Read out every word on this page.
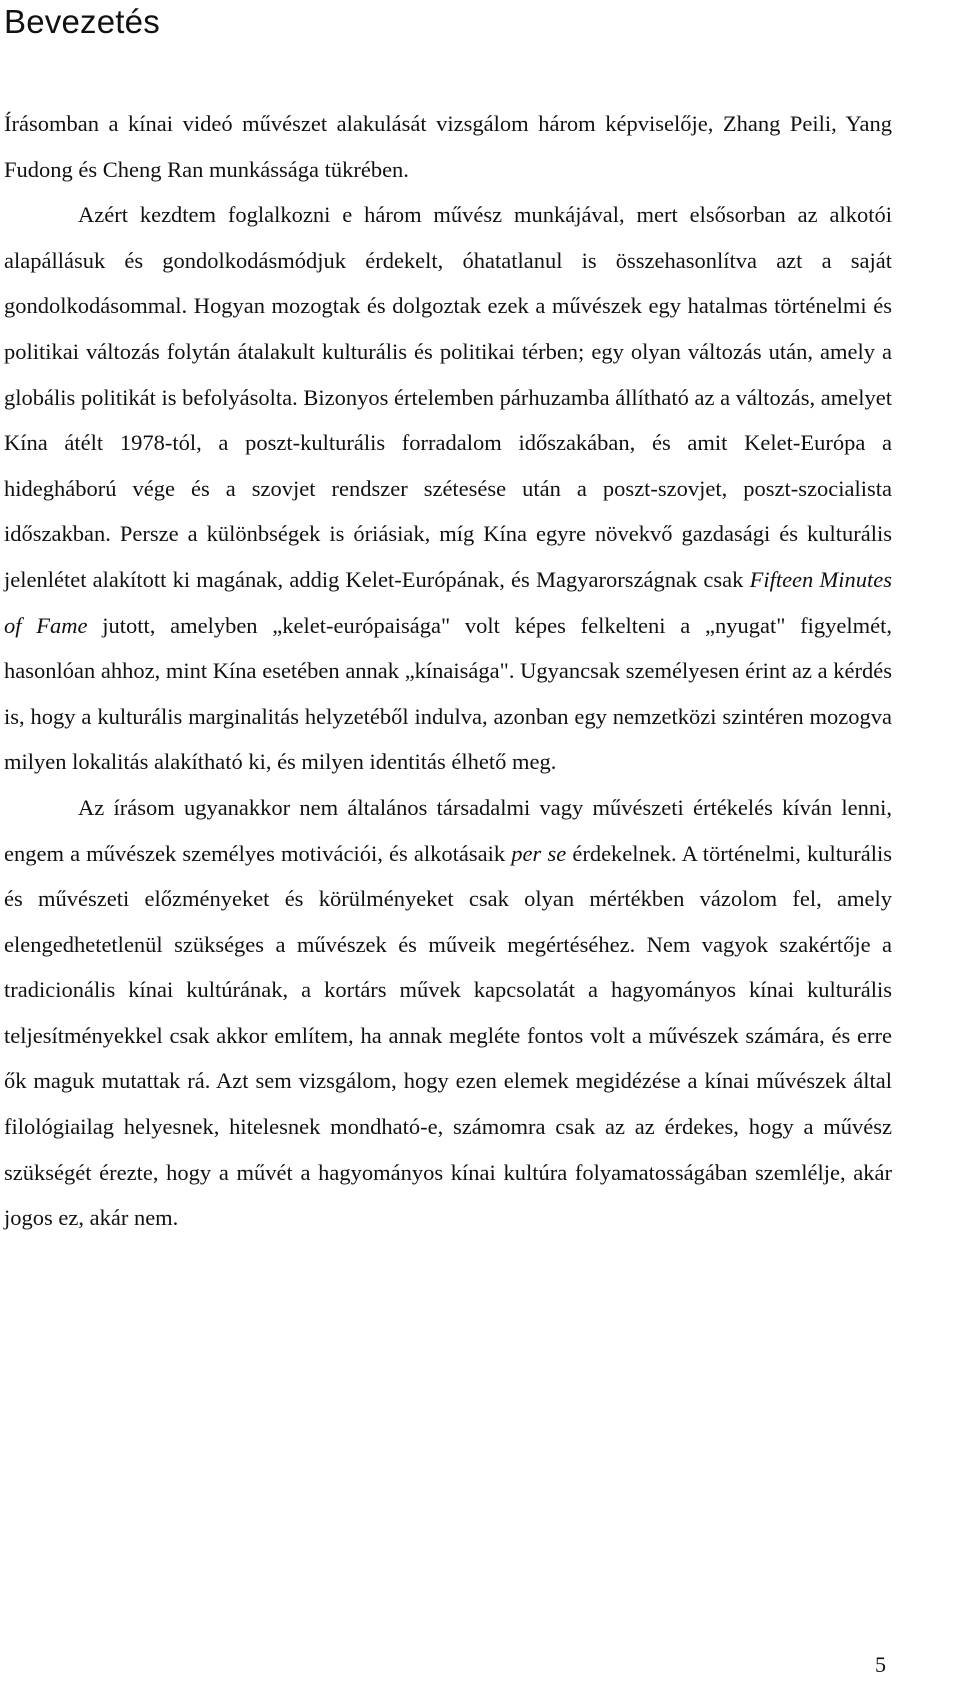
Bevezetés

Írásomban a kínai videó művészet alakulását vizsgálom három képviselője, Zhang Peili, Yang Fudong és Cheng Ran munkássága tükrében.

Azért kezdtem foglalkozni e három művész munkájával, mert elsősorban az alkotói alapállásuk és gondolkodásmódjuk érdekelt, óhatatlanul is összehasonlítva azt a saját gondolkodásommal. Hogyan mozogtak és dolgoztak ezek a művészek egy hatalmas történelmi és politikai változás folytán átalakult kulturális és politikai térben; egy olyan változás után, amely a globális politikát is befolyásolta. Bizonyos értelemben párhuzamba állítható az a változás, amelyet Kína átélt 1978-tól, a poszt-kulturális forradalom időszakában, és amit Kelet-Európa a hidegháború vége és a szovjet rendszer szétesése után a poszt-szovjet, poszt-szocialista időszakban. Persze a különbségek is óriásiak, míg Kína egyre növekvő gazdasági és kulturális jelenlétet alakított ki magának, addig Kelet-Európának, és Magyarországnak csak Fifteen Minutes of Fame jutott, amelyben „kelet-európaisága" volt képes felkelteni a „nyugat" figyelmét, hasonlóan ahhoz, mint Kína esetében annak „kínaisága". Ugyancsak személyesen érint az a kérdés is, hogy a kulturális marginalitás helyzetéből indulva, azonban egy nemzetközi szintéren mozogva milyen lokalitás alakítható ki, és milyen identitás élhető meg.

Az írásom ugyanakkor nem általános társadalmi vagy művészeti értékelés kíván lenni, engem a művészek személyes motivációi, és alkotásaik per se érdekelnek. A történelmi, kulturális és művészeti előzményeket és körülményeket csak olyan mértékben vázolom fel, amely elengedhetetlenül szükséges a művészek és műveik megértéséhez. Nem vagyok szakértője a tradicionális kínai kultúrának, a kortárs művek kapcsolatát a hagyományos kínai kulturális teljesítményekkel csak akkor említem, ha annak megléte fontos volt a művészek számára, és erre ők maguk mutattak rá. Azt sem vizsgálom, hogy ezen elemek megidézése a kínai művészek által filológiailag helyesnek, hitelesnek mondható-e, számomra csak az az érdekes, hogy a művész szükségét érezte, hogy a művét a hagyományos kínai kultúra folyamatosságában szemlélje, akár jogos ez, akár nem.

5
